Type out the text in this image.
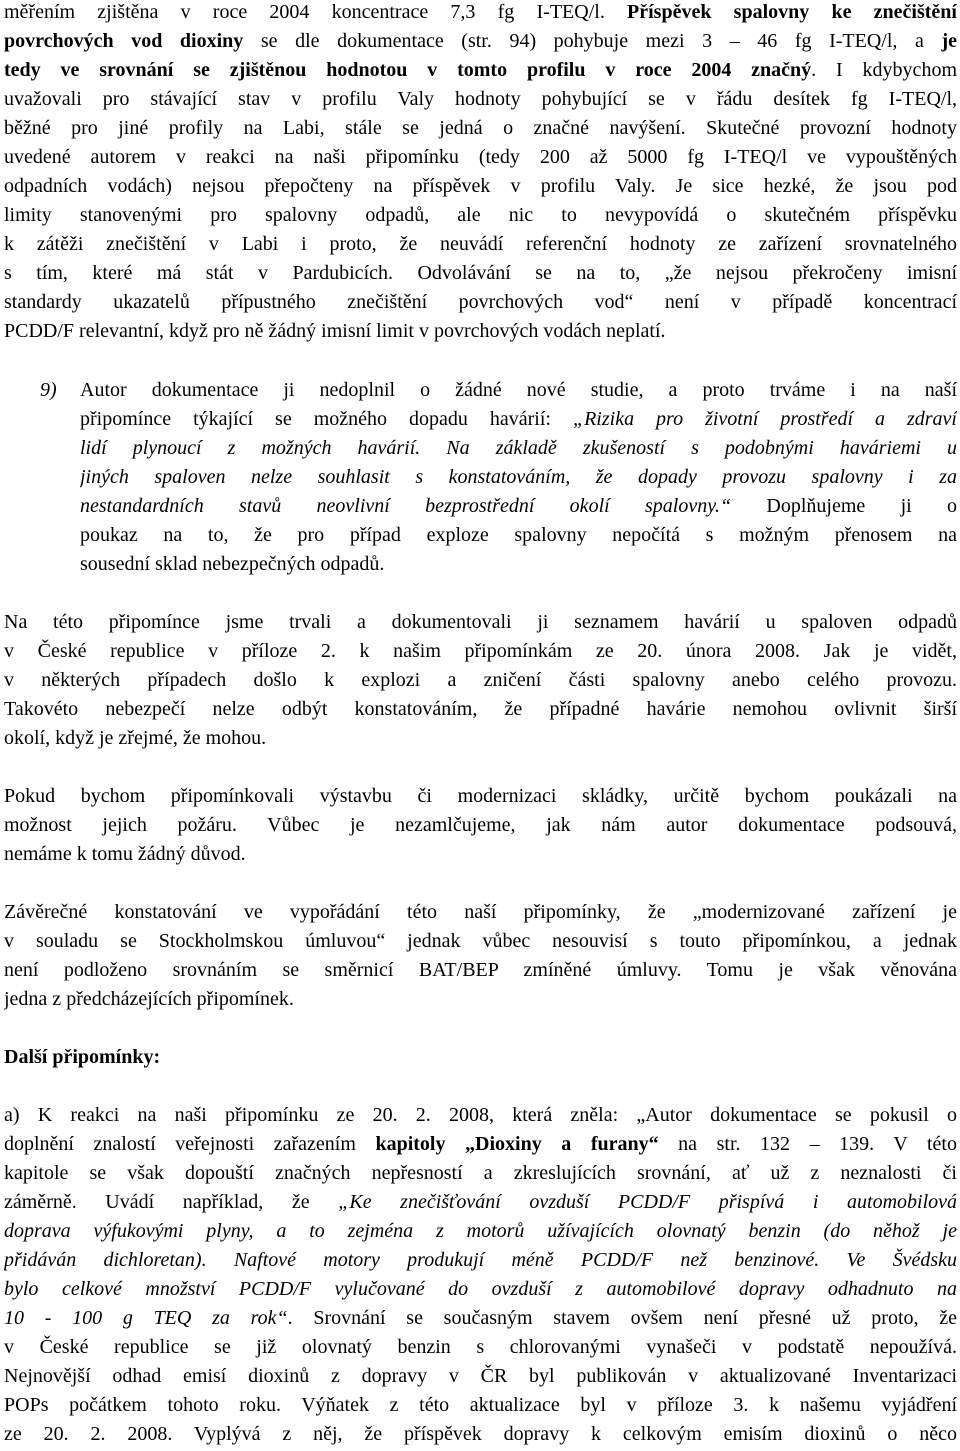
měřením zjištěna v roce 2004 koncentrace 7,3 fg I-TEQ/l. Příspěvek spalovny ke znečištění
povrchových vod dioxiny se dle dokumentace (str. 94) pohybuje mezi 3 – 46 fg I-TEQ/l, a je
tedy ve srovnání se zjištěnou hodnotou v tomto profilu v roce 2004 značný. I kdybychom
uvažovali pro stávající stav v profilu Valy hodnoty pohybující se v řádu desítek fg I-TEQ/l,
běžné pro jiné profily na Labi, stále se jedná o značné navýšení. Skutečné provozní hodnoty
uvedené autorem v reakci na naši připomínku (tedy 200 až 5000 fg I-TEQ/l ve vypouštěných
odpadních vodách) nejsou přepočteny na příspěvek v profilu Valy. Je sice hezké, že jsou pod
limity stanovenými pro spalovny odpadů, ale nic to nevypovídá o skutečném příspěvku
k zátěži znečištění v Labi i proto, že neuvádí referenční hodnoty ze zařízení srovnatelného
s tím, které má stát v Pardubicích. Odvolávání se na to, „že nejsou překročeny imisní
standardy ukazatelů přípustného znečištění povrchových vod“ není v případě koncentrací
PCDD/F relevantní, když pro ně žádný imisní limit v povrchových vodách neplatí.
9) Autor dokumentace ji nedoplnil o žádné nové studie, a proto trváme i na naší
připomínce týkající se možného dopadu havárií: „Rizika pro životní prostředí a zdraví
lidí plynoucí z možných havárií. Na základě zkušeností s podobnými haváriemi u
jiných spaloven nelze souhlasit s konstatováním, že dopady provozu spalovny i za
nestandardních stavů neovlivní bezprostřední okolí spalovny.“ Doplňujeme ji o
poukaz na to, že pro případ exploze spalovny nepočítá s možným přenosem na
sousední sklad nebezpečných odpadů.
Na této připomínce jsme trvali a dokumentovali ji seznamem havárií u spaloven odpadů
v České republice v příloze 2. k našim připomínkám ze 20. února 2008. Jak je vidět,
v některých případech došlo k explozi a zničení části spalovny anebo celého provozu.
Takovéto nebezpečí nelze odbýt konstatováním, že případné havárie nemohou ovlivnit širší
okolí, když je zřejmé, že mohou.
Pokud bychom připomínkovali výstavbu či modernizaci skládky, určitě bychom poukázali na
možnost jejich požáru. Vůbec je nezamlčujeme, jak nám autor dokumentace podsouvá,
nemáme k tomu žádný důvod.
Závěrečné konstatování ve vypořádání této naší připomínky, že „modernizované zařízení je
v souladu se Stockholmskou úmluvou“ jednak vůbec nesouvisí s touto připomínkou, a jednak
není podloženo srovnáním se směrnicí BAT/BEP zmíněné úmluvy. Tomu je však věnována
jedna z předcházejících připomínek.
Další připomínky:
a) K reakci na naši připomínku ze 20. 2. 2008, která zněla: „Autor dokumentace se pokusil o
doplnění znalostí veřejnosti zařazením kapitoly „Dioxiny a furany“ na str. 132 – 139. V této
kapitole se však dopouští značných nepřesností a zkreslujících srovnání, ať už z neznalosti či
záměrně. Uvádí například, že „Ke znečišťování ovzduší PCDD/F přispívá i automobilová
doprava výfukovými plyny, a to zejména z motorů užívajících olovnatý benzin (do něhož je
přidáván dichloretan). Naftové motory produkují méně PCDD/F než benzinové. Ve Švédsku
bylo celkové množství PCDD/F vylučované do ovzduší z automobilové dopravy odhadnuto na
10 - 100 g TEQ za rok“. Srovnání se současným stavem ovšem není přesné už proto, že
v České republice se již olovnatý benzin s chlorovanými vynašeči v podstatě nepoužívá.
Nejnovější odhad emisí dioxinů z dopravy v ČR byl publikován v aktualizované Inventarizaci
POPs počátkem tohoto roku. Výňatek z této aktualizace byl v příloze 3. k našemu vyjádření
ze 20. 2. 2008. Vyplývá z něj, že příspěvek dopravy k celkovým emisím dioxinů o něco
